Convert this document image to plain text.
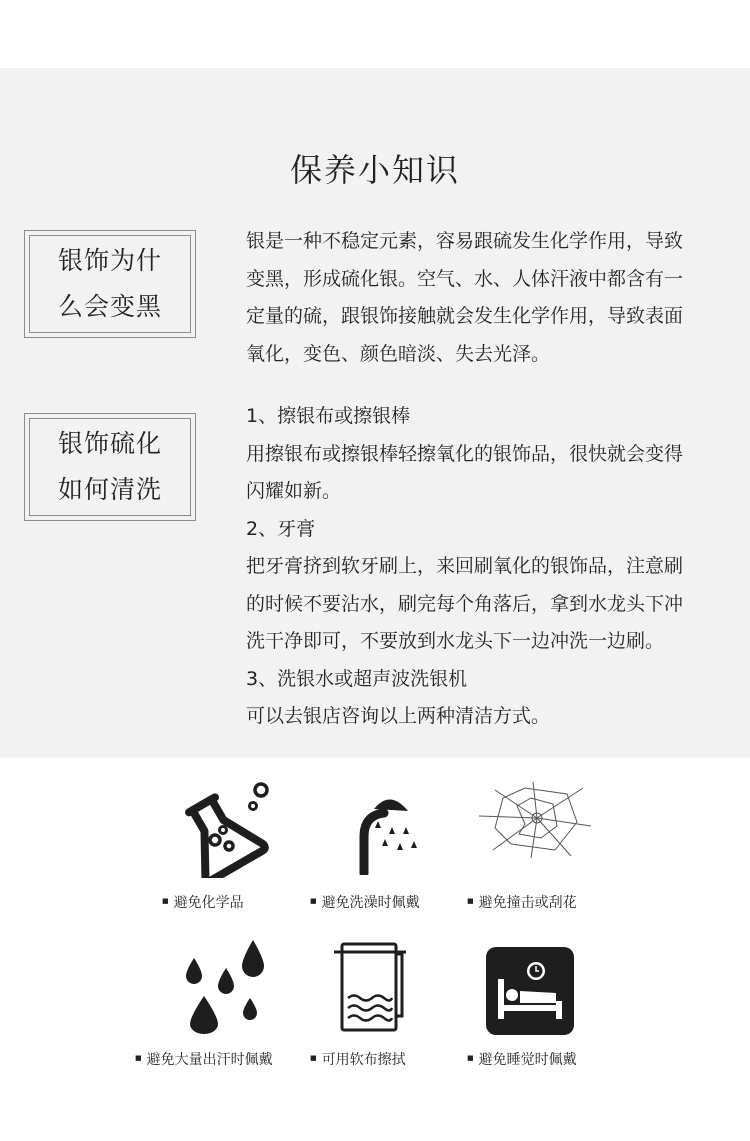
保养小知识
银饰为什
么会变黑

银是一种不稳定元素，容易跟硫发生化学作用，导致

变黑，形成硫化银。空气、水、人体汗液中都含有一

定量的硫，跟银饰接触就会发生化学作用，导致表面

氧化，变色、颜色暗淡、失去光泽。

银饰硫化
如何清洗

1、擦银布或擦银棒

用擦银布或擦银棒轻擦氧化的银饰品，很快就会变得

闪耀如新。

2、牙膏

把牙膏挤到软牙刷上，来回刷氧化的银饰品，注意刷

的时候不要沾水，刷完每个角落后，拿到水龙头下冲

洗干净即可，不要放到水龙头下一边冲洗一边刷。

3、洗银水或超声波洗银机

可以去银店咨询以上两种清洁方式。

■ 避免化学品	■ 避免洗澡时佩戴	■ 避免撞击或刮花
■ 避免大量出汗时佩戴	■ 可用软布擦拭	■ 避免睡觉时佩戴
